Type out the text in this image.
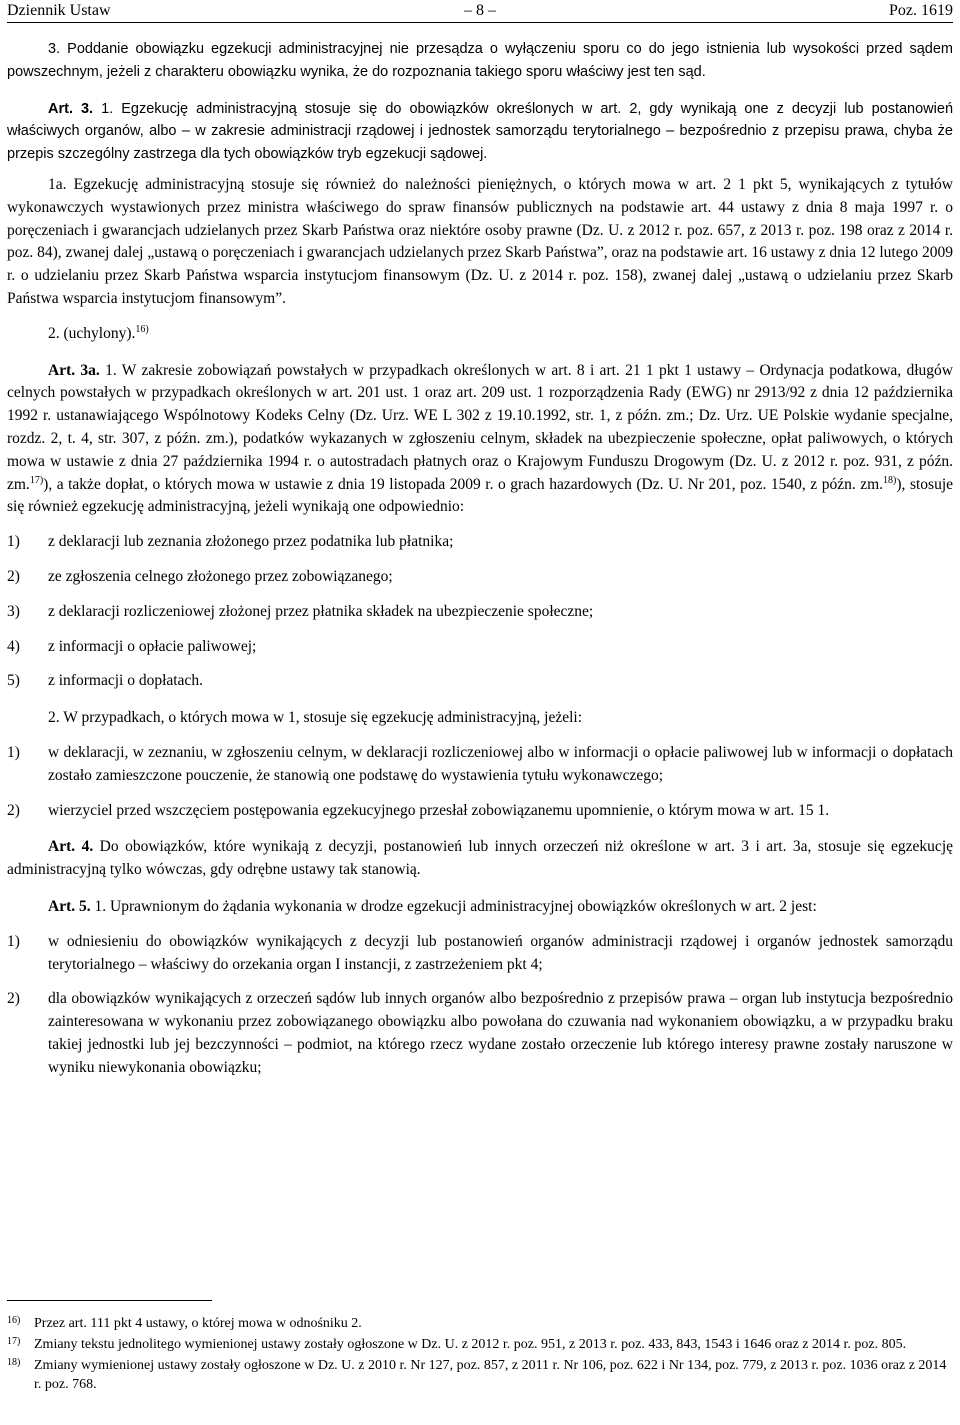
Dziennik Ustaw	– 8 –	Poz. 1619

3. Poddanie obowiązku egzekucji administracyjnej nie przesądza o wyłączeniu sporu co do jego istnienia lub wysokości przed sądem powszechnym, jeżeli z charakteru obowiązku wynika, że do rozpoznania takiego sporu właściwy jest ten sąd.

Art. 3. 1. Egzekucję administracyjną stosuje się do obowiązków określonych w art. 2, gdy wynikają one z decyzji lub postanowień właściwych organów, albo – w zakresie administracji rządowej i jednostek samorządu terytorialnego – bezpośrednio z przepisu prawa, chyba że przepis szczególny zastrzega dla tych obowiązków tryb egzekucji sądowej.

1a. Egzekucję administracyjną stosuje się również do należności pieniężnych, o których mowa w art. 2 1 pkt 5, wynikających z tytułów wykonawczych wystawionych przez ministra właściwego do spraw finansów publicznych na podstawie art. 44 ustawy z dnia 8 maja 1997 r. o poręczeniach i gwarancjach udzielanych przez Skarb Państwa oraz niektóre osoby prawne (Dz. U. z 2012 r. poz. 657, z 2013 r. poz. 198 oraz z 2014 r. poz. 84), zwanej dalej „ustawą o poręczeniach i gwarancjach udzielanych przez Skarb Państwa”, oraz na podstawie art. 16 ustawy z dnia 12 lutego 2009 r. o udzielaniu przez Skarb Państwa wsparcia instytucjom finansowym (Dz. U. z 2014 r. poz. 158), zwanej dalej „ustawą o udzielaniu przez Skarb Państwa wsparcia instytucjom finansowym”.

2. (uchylony).$^{16)}$

Art. 3a. 1. W zakresie zobowiązań powstałych w przypadkach określonych w art. 8 i art. 21 1 pkt 1 ustawy – Ordynacja podatkowa, długów celnych powstałych w przypadkach określonych w art. 201 ust. 1 oraz art. 209 ust. 1 rozporządzenia Rady (EWG) nr 2913/92 z dnia 12 października 1992 r. ustanawiającego Wspólnotowy Kodeks Celny (Dz. Urz. WE L 302 z 19.10.1992, str. 1, z późn. zm.; Dz. Urz. UE Polskie wydanie specjalne, rozdz. 2, t. 4, str. 307, z późn. zm.), podatków wykazanych w zgłoszeniu celnym, składek na ubezpieczenie społeczne, opłat paliwowych, o których mowa w ustawie z dnia 27 października 1994 r. o autostradach płatnych oraz o Krajowym Funduszu Drogowym (Dz. U. z 2012 r. poz. 931, z późn. zm.$^{17)}$), a także dopłat, o których mowa w ustawie z dnia 19 listopada 2009 r. o grach hazardowych (Dz. U. Nr 201, poz. 1540, z późn. zm.$^{18)}$), stosuje się również egzekucję administracyjną, jeżeli wynikają one odpowiednio:

1) z deklaracji lub zeznania złożonego przez podatnika lub płatnika;
2) ze zgłoszenia celnego złożonego przez zobowiązanego;
3) z deklaracji rozliczeniowej złożonej przez płatnika składek na ubezpieczenie społeczne;
4) z informacji o opłacie paliwowej;
5) z informacji o dopłatach.

2. W przypadkach, o których mowa w 1, stosuje się egzekucję administracyjną, jeżeli:

1) w deklaracji, w zeznaniu, w zgłoszeniu celnym, w deklaracji rozliczeniowej albo w informacji o opłacie paliwowej lub w informacji o dopłatach zostało zamieszczone pouczenie, że stanowią one podstawę do wystawienia tytułu wykonawczego;
2) wierzyciel przed wszczęciem postępowania egzekucyjnego przesłał zobowiązanemu upomnienie, o którym mowa w art. 15 1.

Art. 4. Do obowiązków, które wynikają z decyzji, postanowień lub innych orzeczeń niż określone w art. 3 i art. 3a, stosuje się egzekucję administracyjną tylko wówczas, gdy odrębne ustawy tak stanowią.

Art. 5. 1. Uprawnionym do żądania wykonania w drodze egzekucji administracyjnej obowiązków określonych w art. 2 jest:

1) w odniesieniu do obowiązków wynikających z decyzji lub postanowień organów administracji rządowej i organów jednostek samorządu terytorialnego – właściwy do orzekania organ I instancji, z zastrzeżeniem pkt 4;
2) dla obowiązków wynikających z orzeczeń sądów lub innych organów albo bezpośrednio z przepisów prawa – organ lub instytucja bezpośrednio zainteresowana w wykonaniu przez zobowiązanego obowiązku albo powołana do czuwania nad wykonaniem obowiązku, a w przypadku braku takiej jednostki lub jej bezczynności – podmiot, na którego rzecz wydane zostało orzeczenie lub którego interesy prawne zostały naruszone w wyniku niewykonania obowiązku;
16) Przez art. 111 pkt 4 ustawy, o której mowa w odnośniku 2.
17) Zmiany tekstu jednolitego wymienionej ustawy zostały ogłoszone w Dz. U. z 2012 r. poz. 951, z 2013 r. poz. 433, 843, 1543 i 1646 oraz z 2014 r. poz. 805.
18) Zmiany wymienionej ustawy zostały ogłoszone w Dz. U. z 2010 r. Nr 127, poz. 857, z 2011 r. Nr 106, poz. 622 i Nr 134, poz. 779, z 2013 r. poz. 1036 oraz z 2014 r. poz. 768.
